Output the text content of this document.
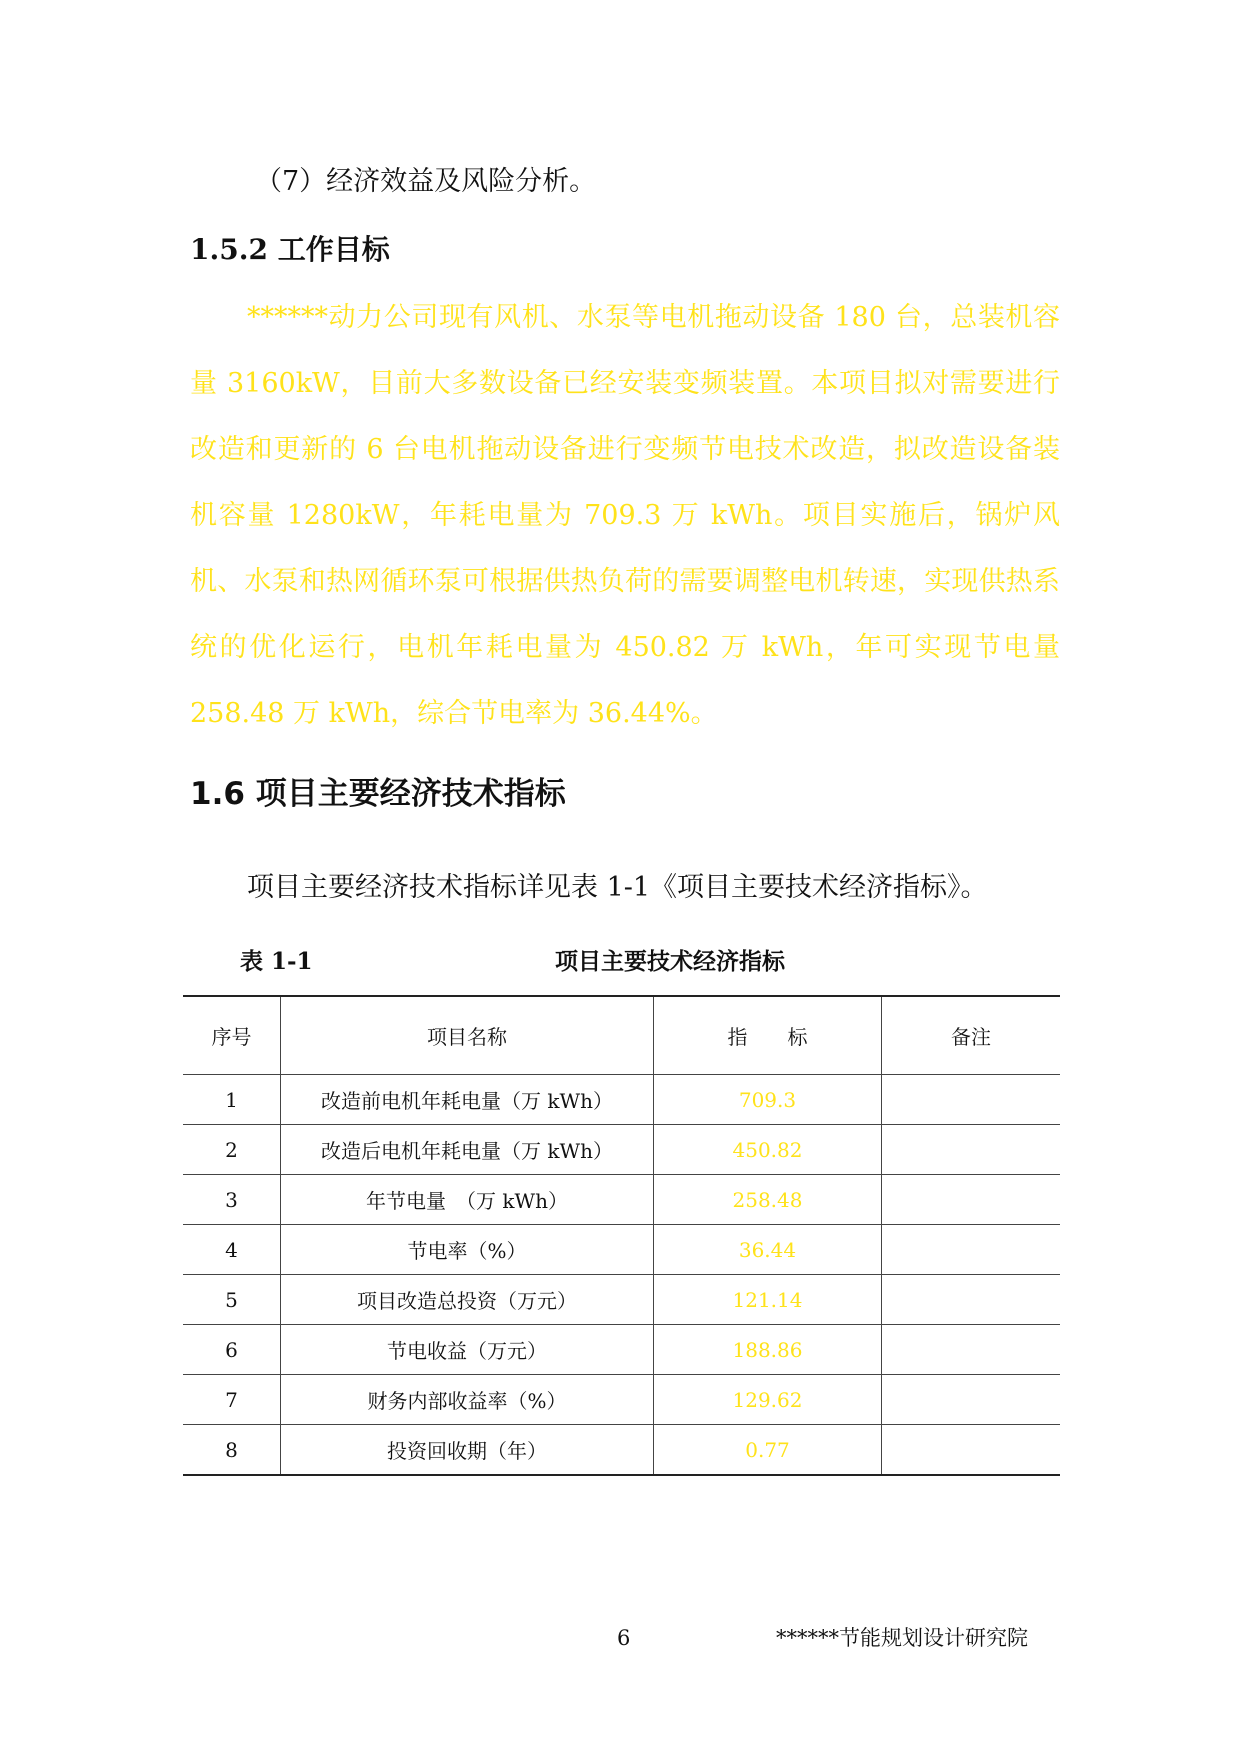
（7）经济效益及风险分析。
1.5.2 工作目标
******动力公司现有风机、水泵等电机拖动设备 180 台，总装机容量 3160kW，目前大多数设备已经安装变频装置。本项目拟对需要进行改造和更新的 6 台电机拖动设备进行变频节电技术改造，拟改造设备装机容量 1280kW，年耗电量为 709.3 万 kWh。项目实施后，锅炉风机、水泵和热网循环泵可根据供热负荷的需要调整电机转速，实现供热系统的优化运行，电机年耗电量为 450.82 万 kWh，年可实现节电量 258.48 万 kWh，综合节电率为 36.44%。
1.6 项目主要经济技术指标
项目主要经济技术指标详见表 1-1《项目主要技术经济指标》。
表 1-1	项目主要技术经济指标
序号	项目名称	指　　标	备注
1	改造前电机年耗电量（万 kWh）	709.3	
2	改造后电机年耗电量（万 kWh）	450.82	
3	年节电量　（万 kWh）	258.48	
4	节电率（%）	36.44	
5	项目改造总投资（万元）	121.14	
6	节电收益（万元）	188.86	
7	财务内部收益率（%）	129.62	
8	投资回收期（年）	0.77	
6	******节能规划设计研究院
